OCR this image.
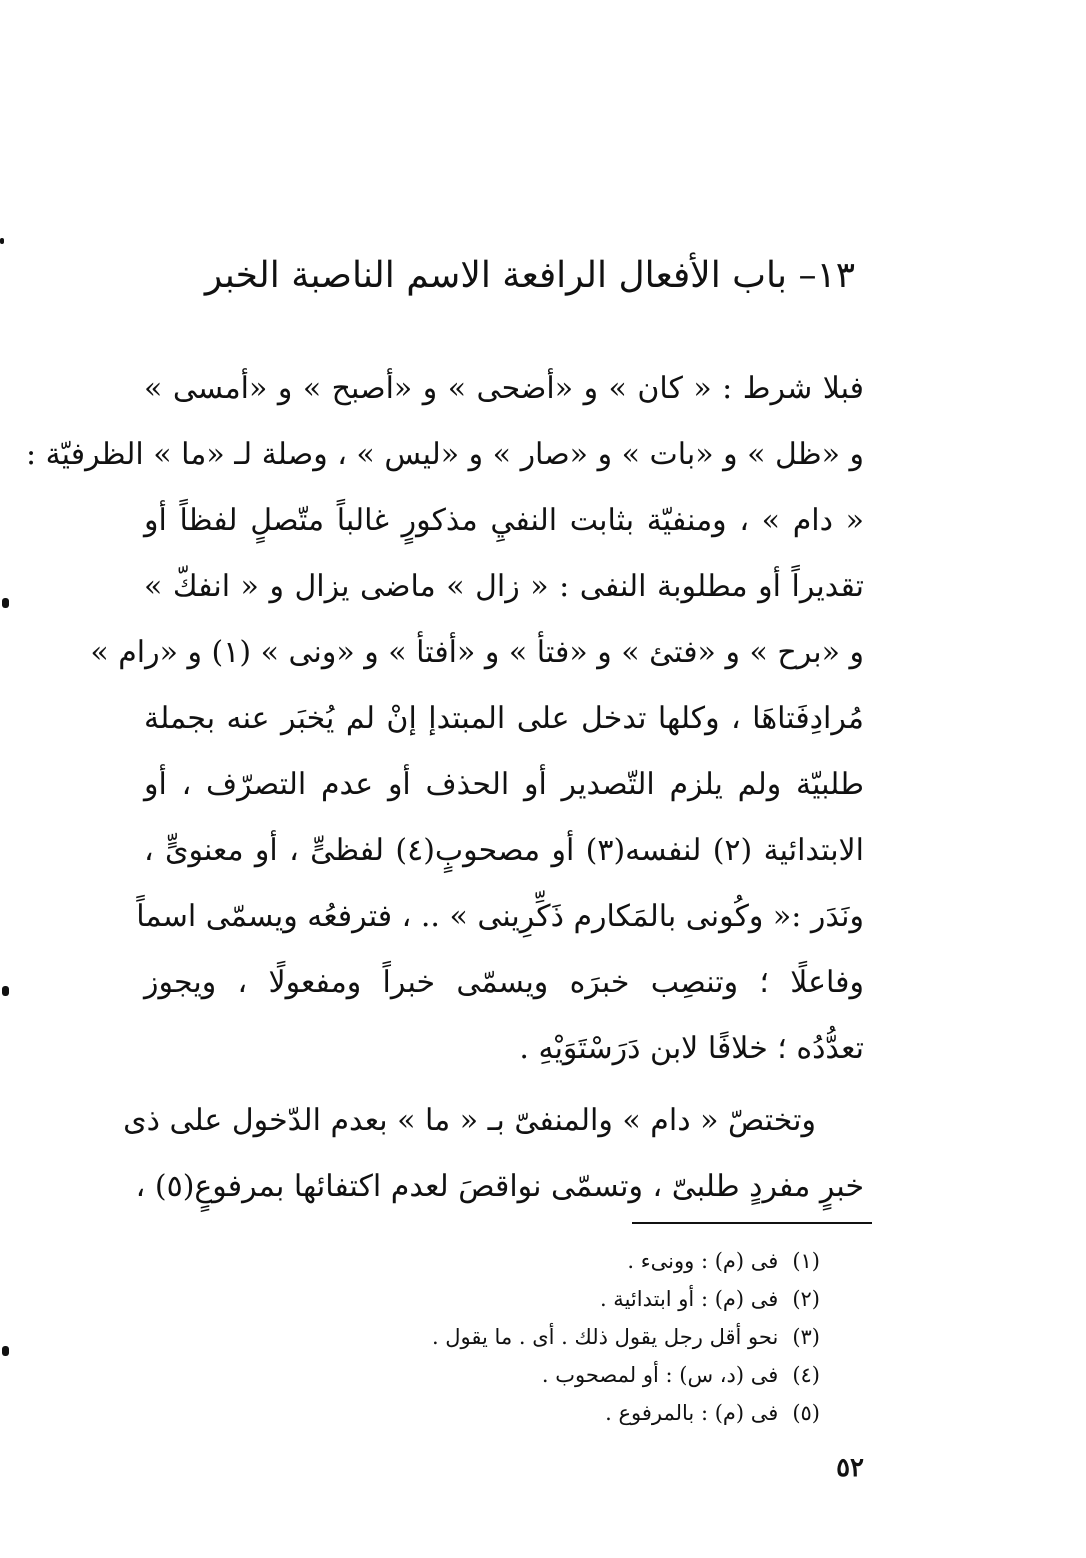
١٣– باب الأفعال الرافعة الاسم الناصبة الخبر
فبلا شرط : « كان » و «أضحى » و «أصبح » و «أمسى »
و «ظل » و «بات » و «صار » و «ليس » ، وصلة لـ «ما » الظرفيّة :
« دام » ، ومنفيّة بثابت النفيِ مذكورٍ غالباً متّصلٍ لفظاً أو
تقديراً أو مطلوبة النفى : « زال » ماضى يزال و « انفكّ »
و «برح » و «فتئ » و «فتأ » و «أفتأ » و «ونى » (١) و «رام »
مُرادِفَتاهَا ، وكلها تدخل على المبتدإ إنْ لم يُخبَر عنه بجملة
طلبيّة ولم يلزم التّصدير أو الحذف أو عدم التصرّف ، أو
الابتدائية (٢) لنفسه(٣) أو مصحوبٍ(٤) لفظىٍّ ، أو معنوىٍّ ،
ونَدَر :« وكُونى بالمَكارم ذَكِّرِينى » .. ، فترفعُه ويسمّى اسماً
وفاعلًا ؛ وتنصِب خبرَه ويسمّى خبراً ومفعولًا ، ويجوز
تعدُّدُه ؛ خلافًا لابن دَرَسْتَوَيْهِ .
وتختصّ « دام » والمنفىّ بـ « ما » بعدم الدّخول على ذى
خبرٍ مفردٍ طلبىّ ، وتسمّى نواقصَ لعدم اكتفائها بمرفوعٍ(٥) ،
(١)فى (م) : وونىء .
(٢)فى (م) : أو ابتدائية .
(٣)نحو أقل رجل يقول ذلك . أى . ما يقول .
(٤)فى (د، س) : أو لمصحوب .
(٥)فى (م) : بالمرفوع .
٥٢
